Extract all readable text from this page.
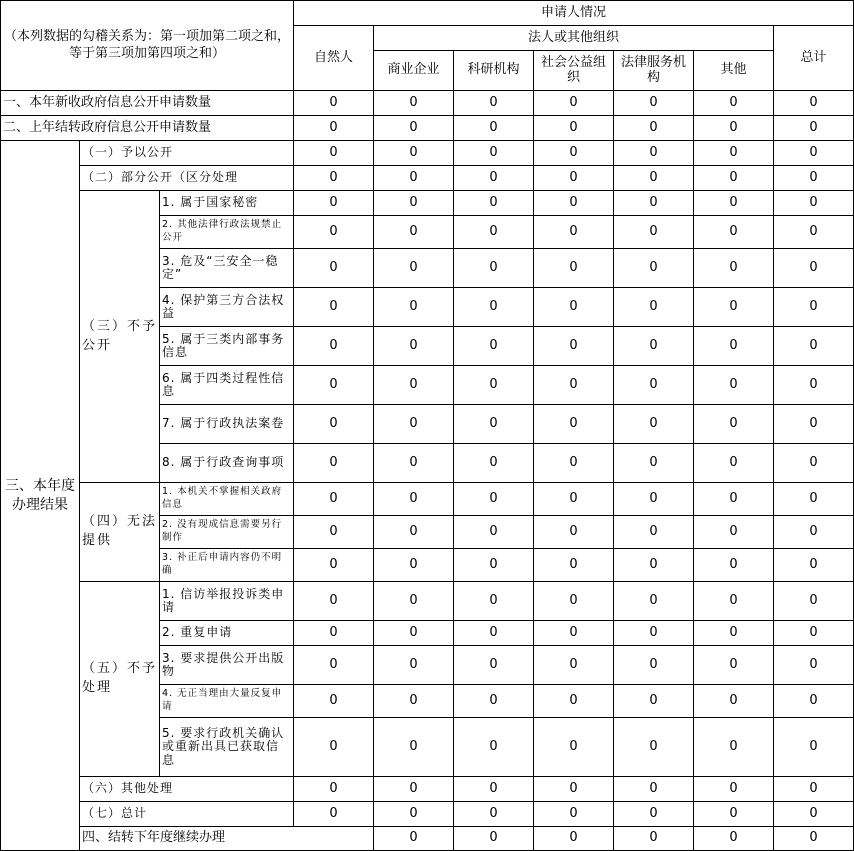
（本列数据的勾稽关系为：第一项加第二项之和，等于第三项加第四项之和）			申请人情况							
			自然人	法人或其他组织					总计	
				商业企业	科研机构	社会公益组织	法律服务机构	其他		
一、本年新收政府信息公开申请数量			0	0	0	0	0	0	0	
二、上年结转政府信息公开申请数量			0	0	0	0	0	0	0	
三、本年度办理结果	（一）予以公开		0	0	0	0	0	0	0	
	（二）部分公开（区分处理		0	0	0	0	0	0	0	
	（三）不予公开	1. 属于国家秘密	0	0	0	0	0	0	0	
		2. 其他法律行政法规禁止公开	0	0	0	0	0	0	0	
		3. 危及“三安全一稳定”	0	0	0	0	0	0	0	
		4. 保护第三方合法权益	0	0	0	0	0	0	0	
		5. 属于三类内部事务信息	0	0	0	0	0	0	0	
		6. 属于四类过程性信息	0	0	0	0	0	0	0	
		7. 属于行政执法案卷	0	0	0	0	0	0	0	
		8. 属于行政查询事项	0	0	0	0	0	0	0	
	（四）无法提供	1. 本机关不掌握相关政府信息	0	0	0	0	0	0	0	
		2. 没有现成信息需要另行制作	0	0	0	0	0	0	0	
		3. 补正后申请内容仍不明确	0	0	0	0	0	0	0	
	（五）不予处理	1. 信访举报投诉类申请	0	0	0	0	0	0	0	
		2. 重复申请	0	0	0	0	0	0	0	
		3. 要求提供公开出版物	0	0	0	0	0	0	0	
		4. 无正当理由大量反复申请	0	0	0	0	0	0	0	
		5. 要求行政机关确认或重新出具已获取信息	0	0	0	0	0	0	0	
	（六）其他处理		0	0	0	0	0	0	0	
	（七）总计		0	0	0	0	0	0	0	
	四、结转下年度继续办理			0	0	0	0	0	0	
